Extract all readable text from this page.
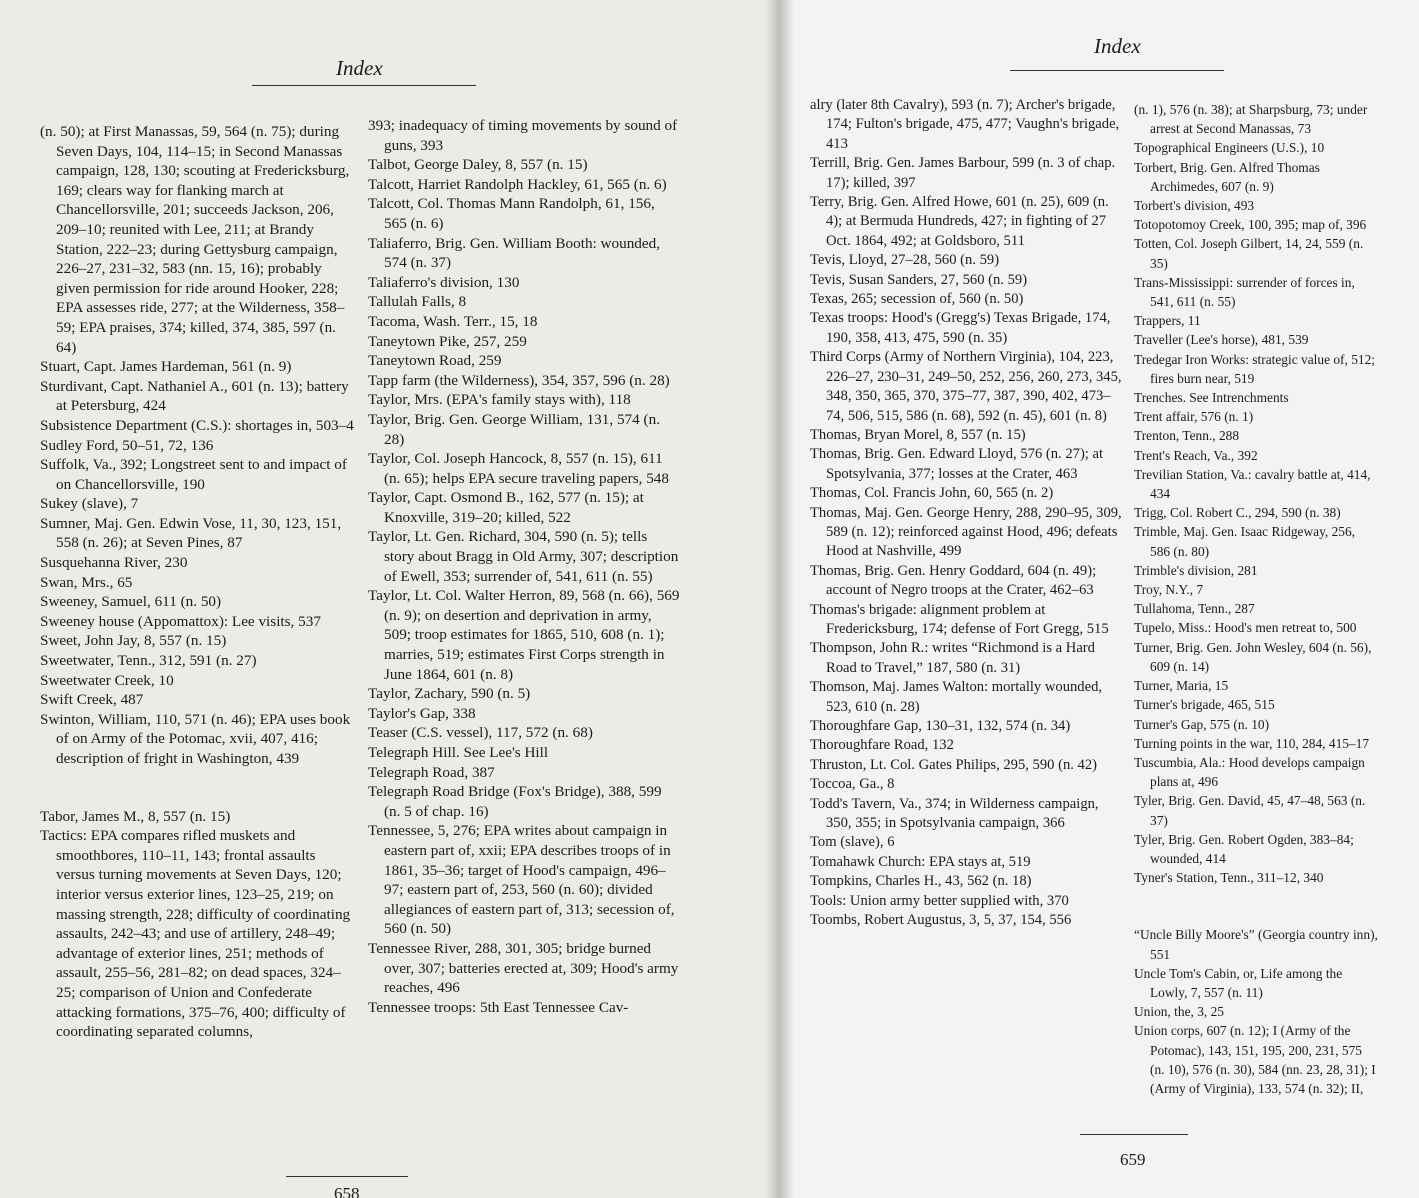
Index

(n. 50); at First Manassas, 59, 564 (n. 75); during Seven Days, 104, 114–15; in Second Manassas campaign, 128, 130; scouting at Fredericksburg, 169; clears way for flanking march at Chancellorsville, 201; succeeds Jackson, 206, 209–10; reunited with Lee, 211; at Brandy Station, 222–23; during Gettysburg campaign, 226–27, 231–32, 583 (nn. 15, 16); probably given permission for ride around Hooker, 228; EPA assesses ride, 277; at the Wilderness, 358–59; EPA praises, 374; killed, 374, 385, 597 (n. 64)

Stuart, Capt. James Hardeman, 561 (n. 9)

Sturdivant, Capt. Nathaniel A., 601 (n. 13); battery at Petersburg, 424

Subsistence Department (C.S.): shortages in, 503–4

Sudley Ford, 50–51, 72, 136

Suffolk, Va., 392; Longstreet sent to and impact of on Chancellorsville, 190

Sukey (slave), 7

Sumner, Maj. Gen. Edwin Vose, 11, 30, 123, 151, 558 (n. 26); at Seven Pines, 87

Susquehanna River, 230

Swan, Mrs., 65

Sweeney, Samuel, 611 (n. 50)

Sweeney house (Appomattox): Lee visits, 537

Sweet, John Jay, 8, 557 (n. 15)

Sweetwater, Tenn., 312, 591 (n. 27)

Sweetwater Creek, 10

Swift Creek, 487

Swinton, William, 110, 571 (n. 46); EPA uses book of on Army of the Potomac, xvii, 407, 416; description of fright in Washington, 439

Tabor, James M., 8, 557 (n. 15)

Tactics: EPA compares rifled muskets and smoothbores, 110–11, 143; frontal assaults versus turning movements at Seven Days, 120; interior versus exterior lines, 123–25, 219; on massing strength, 228; difficulty of coordinating assaults, 242–43; and use of artillery, 248–49; advantage of exterior lines, 251; methods of assault, 255–56, 281–82; on dead spaces, 324–25; comparison of Union and Confederate attacking formations, 375–76, 400; difficulty of coordinating separated columns,

393; inadequacy of timing movements by sound of guns, 393

Talbot, George Daley, 8, 557 (n. 15)

Talcott, Harriet Randolph Hackley, 61, 565 (n. 6)

Talcott, Col. Thomas Mann Randolph, 61, 156, 565 (n. 6)

Taliaferro, Brig. Gen. William Booth: wounded, 574 (n. 37)

Taliaferro's division, 130

Tallulah Falls, 8

Tacoma, Wash. Terr., 15, 18

Taneytown Pike, 257, 259

Taneytown Road, 259

Tapp farm (the Wilderness), 354, 357, 596 (n. 28)

Taylor, Mrs. (EPA's family stays with), 118

Taylor, Brig. Gen. George William, 131, 574 (n. 28)

Taylor, Col. Joseph Hancock, 8, 557 (n. 15), 611 (n. 65); helps EPA secure traveling papers, 548

Taylor, Capt. Osmond B., 162, 577 (n. 15); at Knoxville, 319–20; killed, 522

Taylor, Lt. Gen. Richard, 304, 590 (n. 5); tells story about Bragg in Old Army, 307; description of Ewell, 353; surrender of, 541, 611 (n. 55)

Taylor, Lt. Col. Walter Herron, 89, 568 (n. 66), 569 (n. 9); on desertion and deprivation in army, 509; troop estimates for 1865, 510, 608 (n. 1); marries, 519; estimates First Corps strength in June 1864, 601 (n. 8)

Taylor, Zachary, 590 (n. 5)

Taylor's Gap, 338

Teaser (C.S. vessel), 117, 572 (n. 68)

Telegraph Hill. See Lee's Hill

Telegraph Road, 387

Telegraph Road Bridge (Fox's Bridge), 388, 599 (n. 5 of chap. 16)

Tennessee, 5, 276; EPA writes about campaign in eastern part of, xxii; EPA describes troops of in 1861, 35–36; target of Hood's campaign, 496–97; eastern part of, 253, 560 (n. 60); divided allegiances of eastern part of, 313; secession of, 560 (n. 50)

Tennessee River, 288, 301, 305; bridge burned over, 307; batteries erected at, 309; Hood's army reaches, 496

Tennessee troops: 5th East Tennessee Cav-

658
Index

alry (later 8th Cavalry), 593 (n. 7); Archer's brigade, 174; Fulton's brigade, 475, 477; Vaughn's brigade, 413

Terrill, Brig. Gen. James Barbour, 599 (n. 3 of chap. 17); killed, 397

Terry, Brig. Gen. Alfred Howe, 601 (n. 25), 609 (n. 4); at Bermuda Hundreds, 427; in fighting of 27 Oct. 1864, 492; at Goldsboro, 511

Tevis, Lloyd, 27–28, 560 (n. 59)

Tevis, Susan Sanders, 27, 560 (n. 59)

Texas, 265; secession of, 560 (n. 50)

Texas troops: Hood's (Gregg's) Texas Brigade, 174, 190, 358, 413, 475, 590 (n. 35)

Third Corps (Army of Northern Virginia), 104, 223, 226–27, 230–31, 249–50, 252, 256, 260, 273, 345, 348, 350, 365, 370, 375–77, 387, 390, 402, 473–74, 506, 515, 586 (n. 68), 592 (n. 45), 601 (n. 8)

Thomas, Bryan Morel, 8, 557 (n. 15)

Thomas, Brig. Gen. Edward Lloyd, 576 (n. 27); at Spotsylvania, 377; losses at the Crater, 463

Thomas, Col. Francis John, 60, 565 (n. 2)

Thomas, Maj. Gen. George Henry, 288, 290–95, 309, 589 (n. 12); reinforced against Hood, 496; defeats Hood at Nashville, 499

Thomas, Brig. Gen. Henry Goddard, 604 (n. 49); account of Negro troops at the Crater, 462–63

Thomas's brigade: alignment problem at Fredericksburg, 174; defense of Fort Gregg, 515

Thompson, John R.: writes “Richmond is a Hard Road to Travel,” 187, 580 (n. 31)

Thomson, Maj. James Walton: mortally wounded, 523, 610 (n. 28)

Thoroughfare Gap, 130–31, 132, 574 (n. 34)

Thoroughfare Road, 132

Thruston, Lt. Col. Gates Philips, 295, 590 (n. 42)

Toccoa, Ga., 8

Todd's Tavern, Va., 374; in Wilderness campaign, 350, 355; in Spotsylvania campaign, 366

Tom (slave), 6

Tomahawk Church: EPA stays at, 519

Tompkins, Charles H., 43, 562 (n. 18)

Tools: Union army better supplied with, 370

Toombs, Robert Augustus, 3, 5, 37, 154, 556

(n. 1), 576 (n. 38); at Sharpsburg, 73; under arrest at Second Manassas, 73

Topographical Engineers (U.S.), 10

Torbert, Brig. Gen. Alfred Thomas Archimedes, 607 (n. 9)

Torbert's division, 493

Totopotomoy Creek, 100, 395; map of, 396

Totten, Col. Joseph Gilbert, 14, 24, 559 (n. 35)

Trans-Mississippi: surrender of forces in, 541, 611 (n. 55)

Trappers, 11

Traveller (Lee's horse), 481, 539

Tredegar Iron Works: strategic value of, 512; fires burn near, 519

Trenches. See Intrenchments

Trent affair, 576 (n. 1)

Trenton, Tenn., 288

Trent's Reach, Va., 392

Trevilian Station, Va.: cavalry battle at, 414, 434

Trigg, Col. Robert C., 294, 590 (n. 38)

Trimble, Maj. Gen. Isaac Ridgeway, 256, 586 (n. 80)

Trimble's division, 281

Troy, N.Y., 7

Tullahoma, Tenn., 287

Tupelo, Miss.: Hood's men retreat to, 500

Turner, Brig. Gen. John Wesley, 604 (n. 56), 609 (n. 14)

Turner, Maria, 15

Turner's brigade, 465, 515

Turner's Gap, 575 (n. 10)

Turning points in the war, 110, 284, 415–17

Tuscumbia, Ala.: Hood develops campaign plans at, 496

Tyler, Brig. Gen. David, 45, 47–48, 563 (n. 37)

Tyler, Brig. Gen. Robert Ogden, 383–84; wounded, 414

Tyner's Station, Tenn., 311–12, 340

“Uncle Billy Moore's” (Georgia country inn), 551

Uncle Tom's Cabin, or, Life among the Lowly, 7, 557 (n. 11)

Union, the, 3, 25

Union corps, 607 (n. 12); I (Army of the Potomac), 143, 151, 195, 200, 231, 575 (n. 10), 576 (n. 30), 584 (nn. 23, 28, 31); I (Army of Virginia), 133, 574 (n. 32); II,

659
